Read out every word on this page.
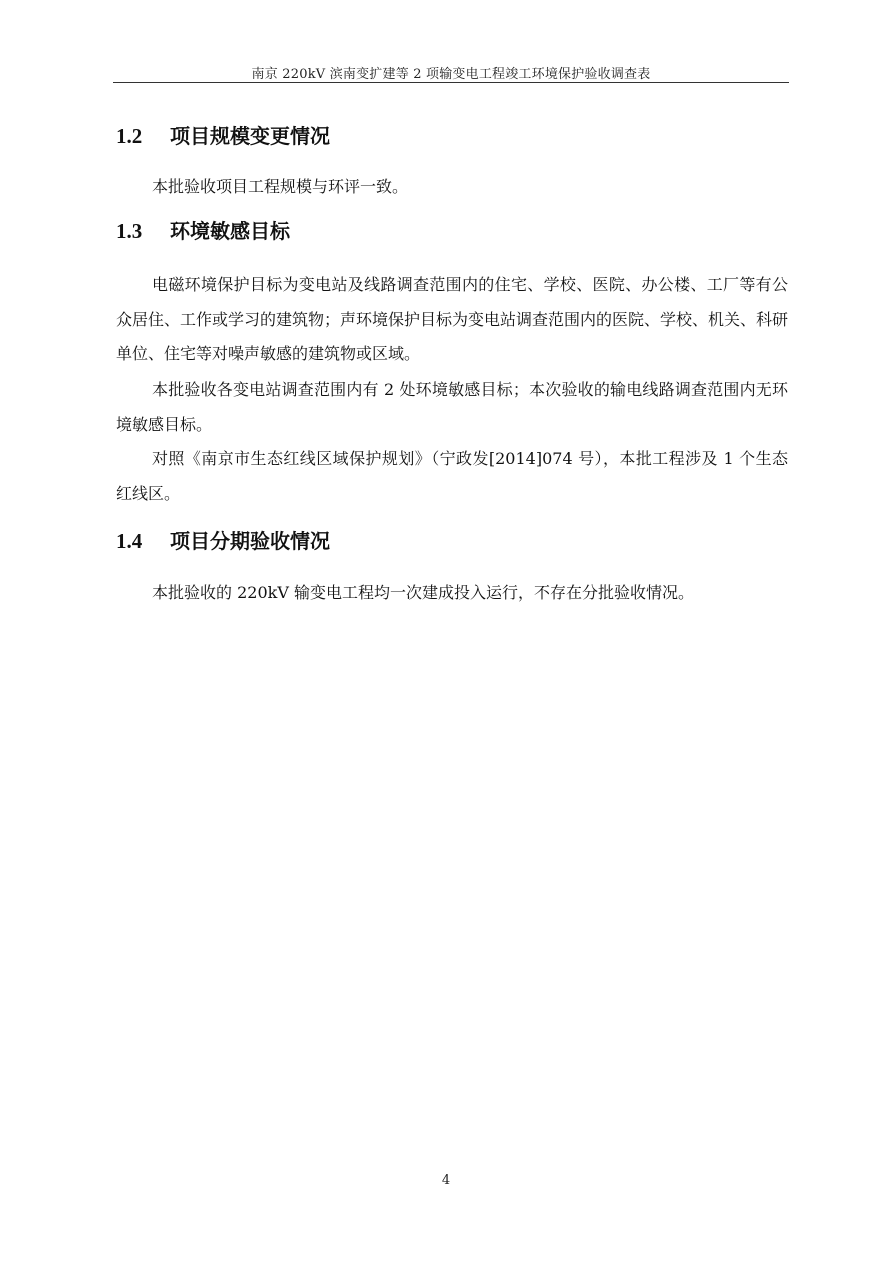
南京 220kV 滨南变扩建等 2 项输变电工程竣工环境保护验收调查表
1.2 项目规模变更情况
本批验收项目工程规模与环评一致。
1.3 环境敏感目标
电磁环境保护目标为变电站及线路调查范围内的住宅、学校、医院、办公楼、工厂等有公众居住、工作或学习的建筑物；声环境保护目标为变电站调查范围内的医院、学校、机关、科研单位、住宅等对噪声敏感的建筑物或区域。
本批验收各变电站调查范围内有 2 处环境敏感目标；本次验收的输电线路调查范围内无环境敏感目标。
对照《南京市生态红线区域保护规划》（宁政发[2014]074 号），本批工程涉及 1 个生态红线区。
1.4 项目分期验收情况
本批验收的 220kV 输变电工程均一次建成投入运行，不存在分批验收情况。
4
